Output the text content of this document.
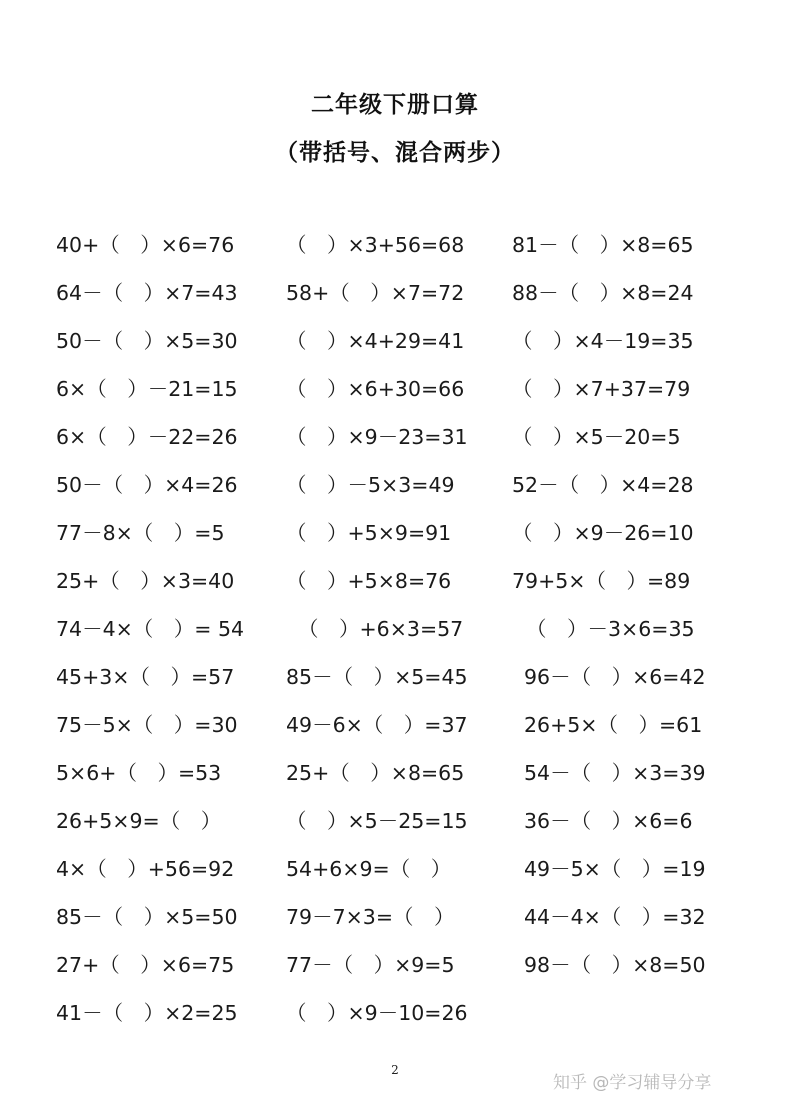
二年级下册口算
（带括号、混合两步）
40+（　）×6=76	（　）×3+56=68 81－（　）×8=65
64－（　）×7=43 58+（　）×7=72 88－（　）×8=24
50－（　）×5=30 （　）×4+29=41 （　）×4－19=35
6×（　）－21=15 （　）×6+30=66 （　）×7+37=79
6×（　）－22=26 （　）×9－23=31 （　）×5－20=5
50－（　）×4=26 （　）－5×3=49	52－（　）×4=28
77－8×（　）=5	（　）+5×9=91	（　）×9－26=10
25+（　）×3=40	（　）+5×8=76	79+5×（　）=89
74－4×（　）= 54	（　）+6×3=57	（　）－3×6=35
45+3×（　）=57	85－（　）×5=45	96－（　）×6=42
75－5×（　）=30 49－6×（　）=37	26+5×（　）=61
5×6+（　）=53	25+（　）×8=65	54－（　）×3=39
26+5×9=（　）	（　）×5－25=15	36－（　）×6=6
4×（　）+56=92	54+6×9=（　）	49－5×（　）=19
85－（　）×5=50 79－7×3=（　）	44－4×（　）=32
27+（　）×6=75	77－（　）×9=5	98－（　）×8=50
41－（　）×2=25 （　）×9－10=26
2
知乎 @学习辅导分享
